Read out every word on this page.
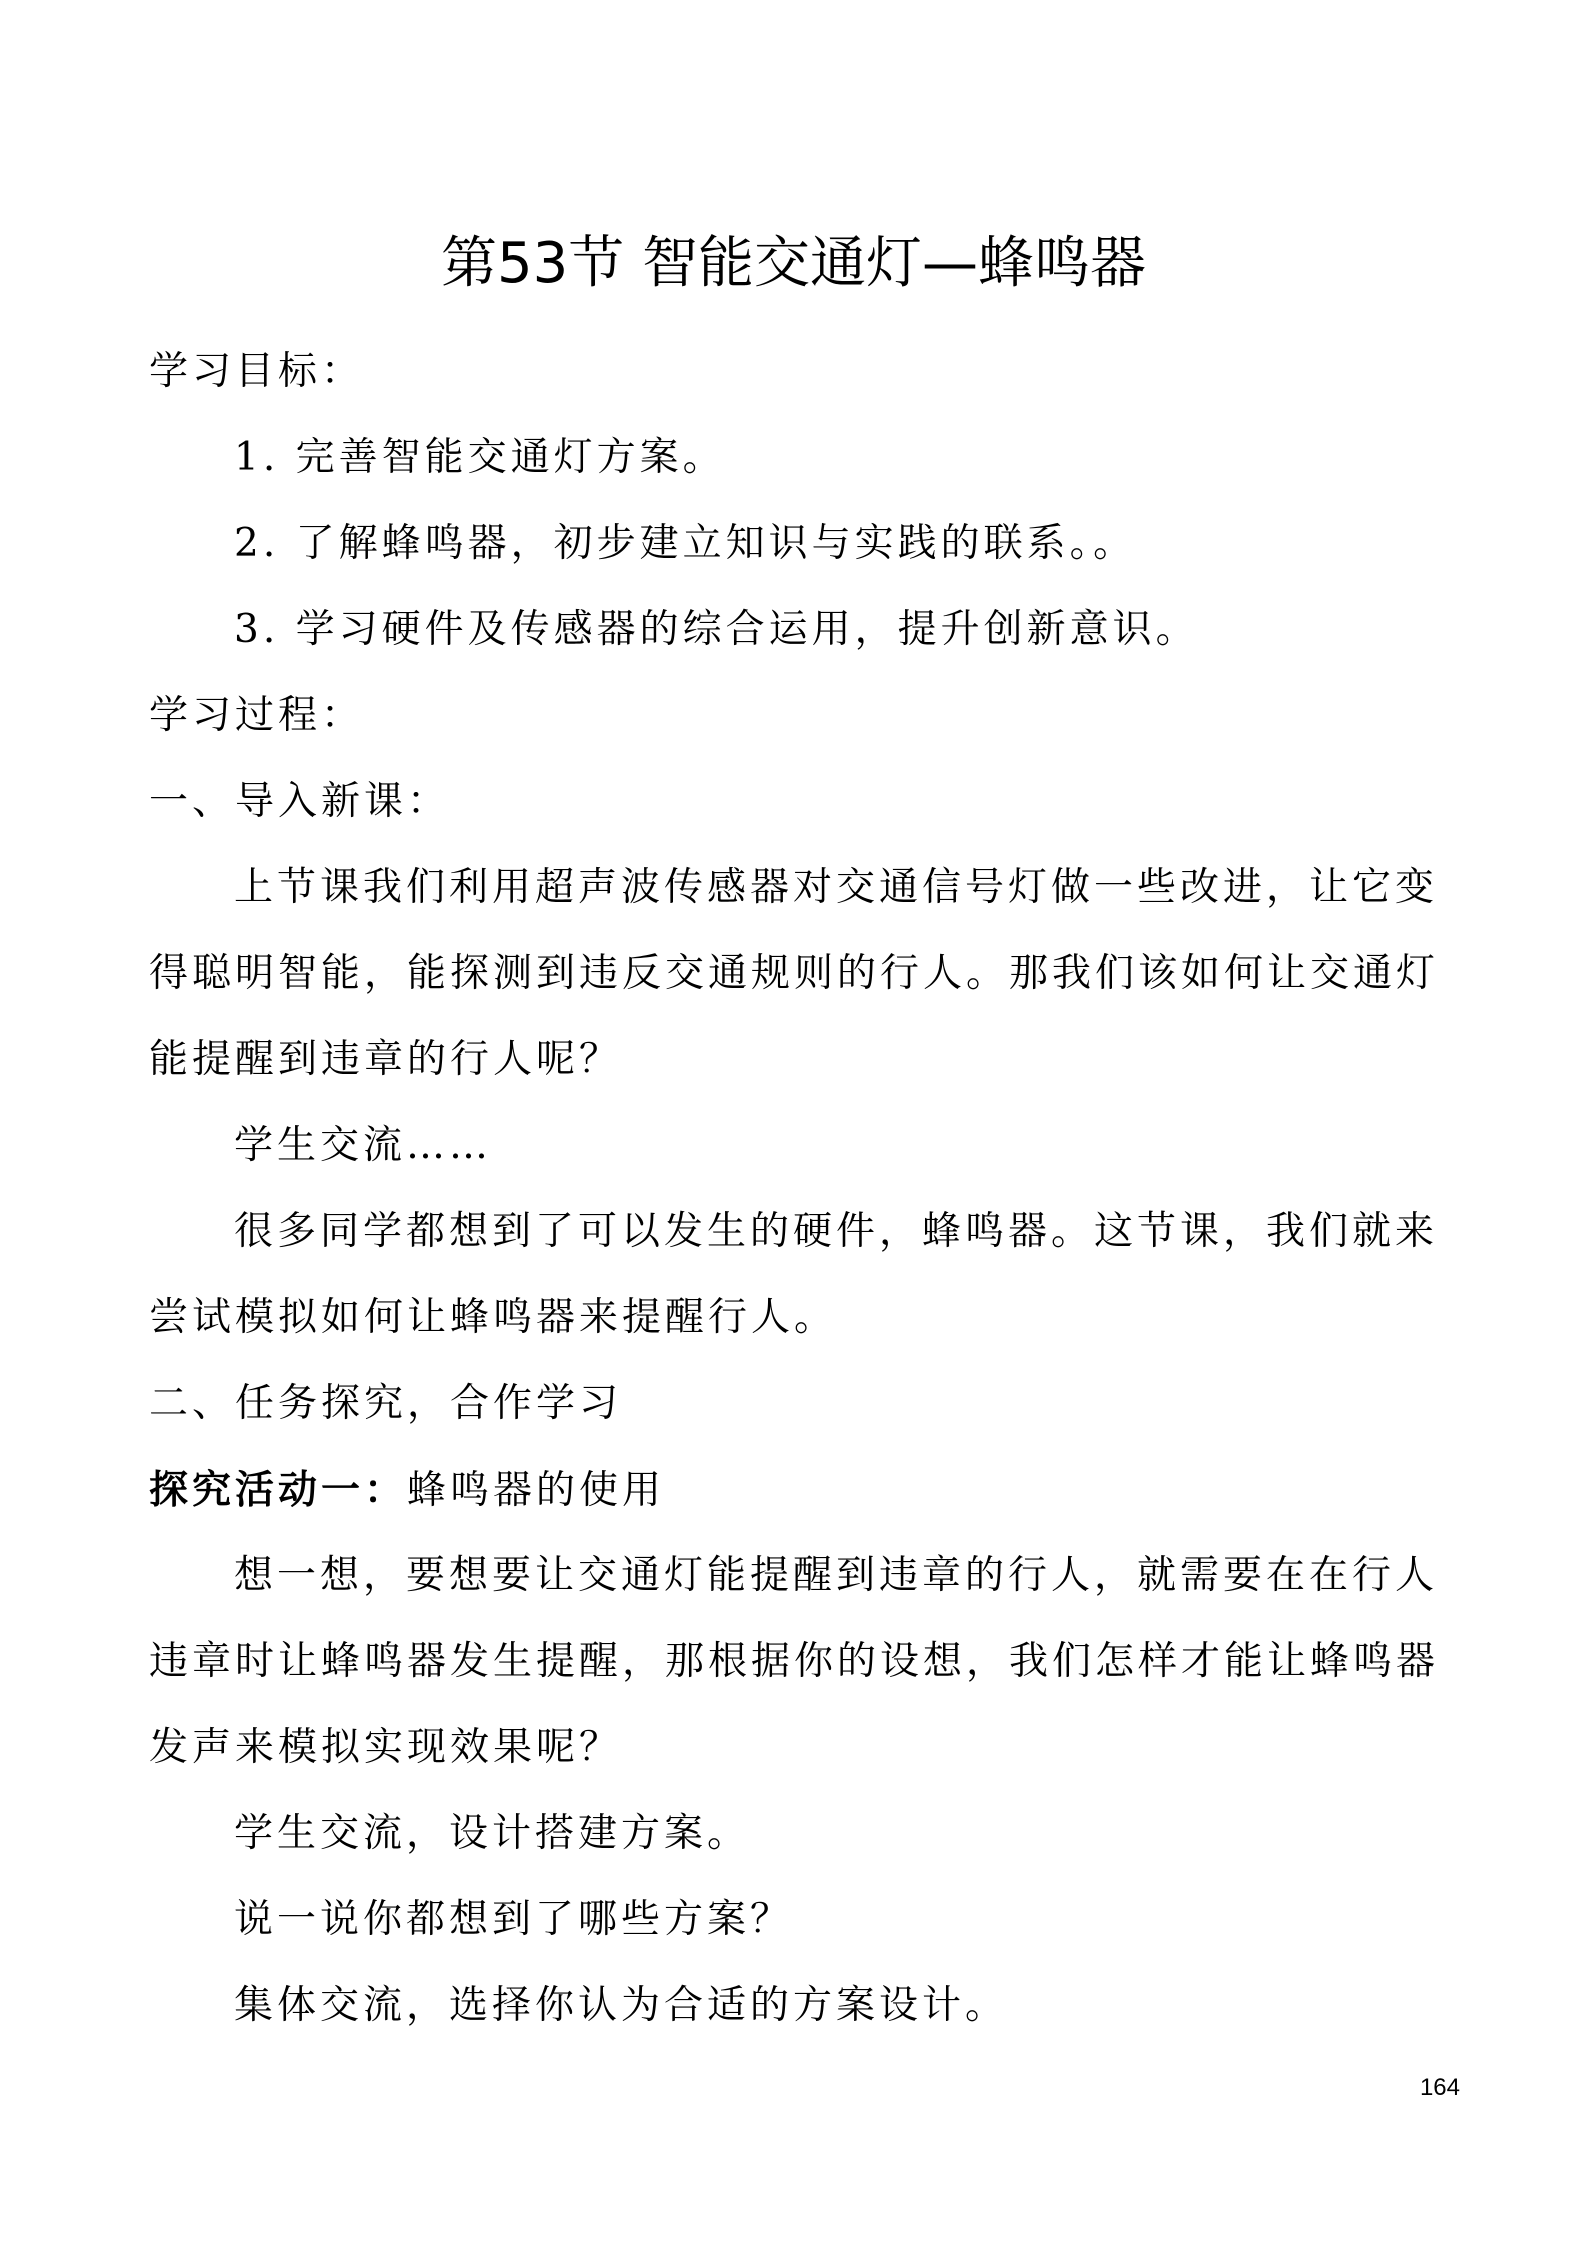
第53节 智能交通灯—蜂鸣器

学习目标：

1. 完善智能交通灯方案。

2. 了解蜂鸣器，初步建立知识与实践的联系。。

3. 学习硬件及传感器的综合运用，提升创新意识。

学习过程：

一、导入新课：

上节课我们利用超声波传感器对交通信号灯做一些改进，让它变

得聪明智能，能探测到违反交通规则的行人。那我们该如何让交通灯

能提醒到违章的行人呢？

学生交流……

很多同学都想到了可以发生的硬件，蜂鸣器。这节课，我们就来

尝试模拟如何让蜂鸣器来提醒行人。

二、任务探究，合作学习

探究活动一：蜂鸣器的使用

想一想，要想要让交通灯能提醒到违章的行人，就需要在在行人

违章时让蜂鸣器发生提醒，那根据你的设想，我们怎样才能让蜂鸣器

发声来模拟实现效果呢？

学生交流，设计搭建方案。

说一说你都想到了哪些方案？

集体交流，选择你认为合适的方案设计。

164
